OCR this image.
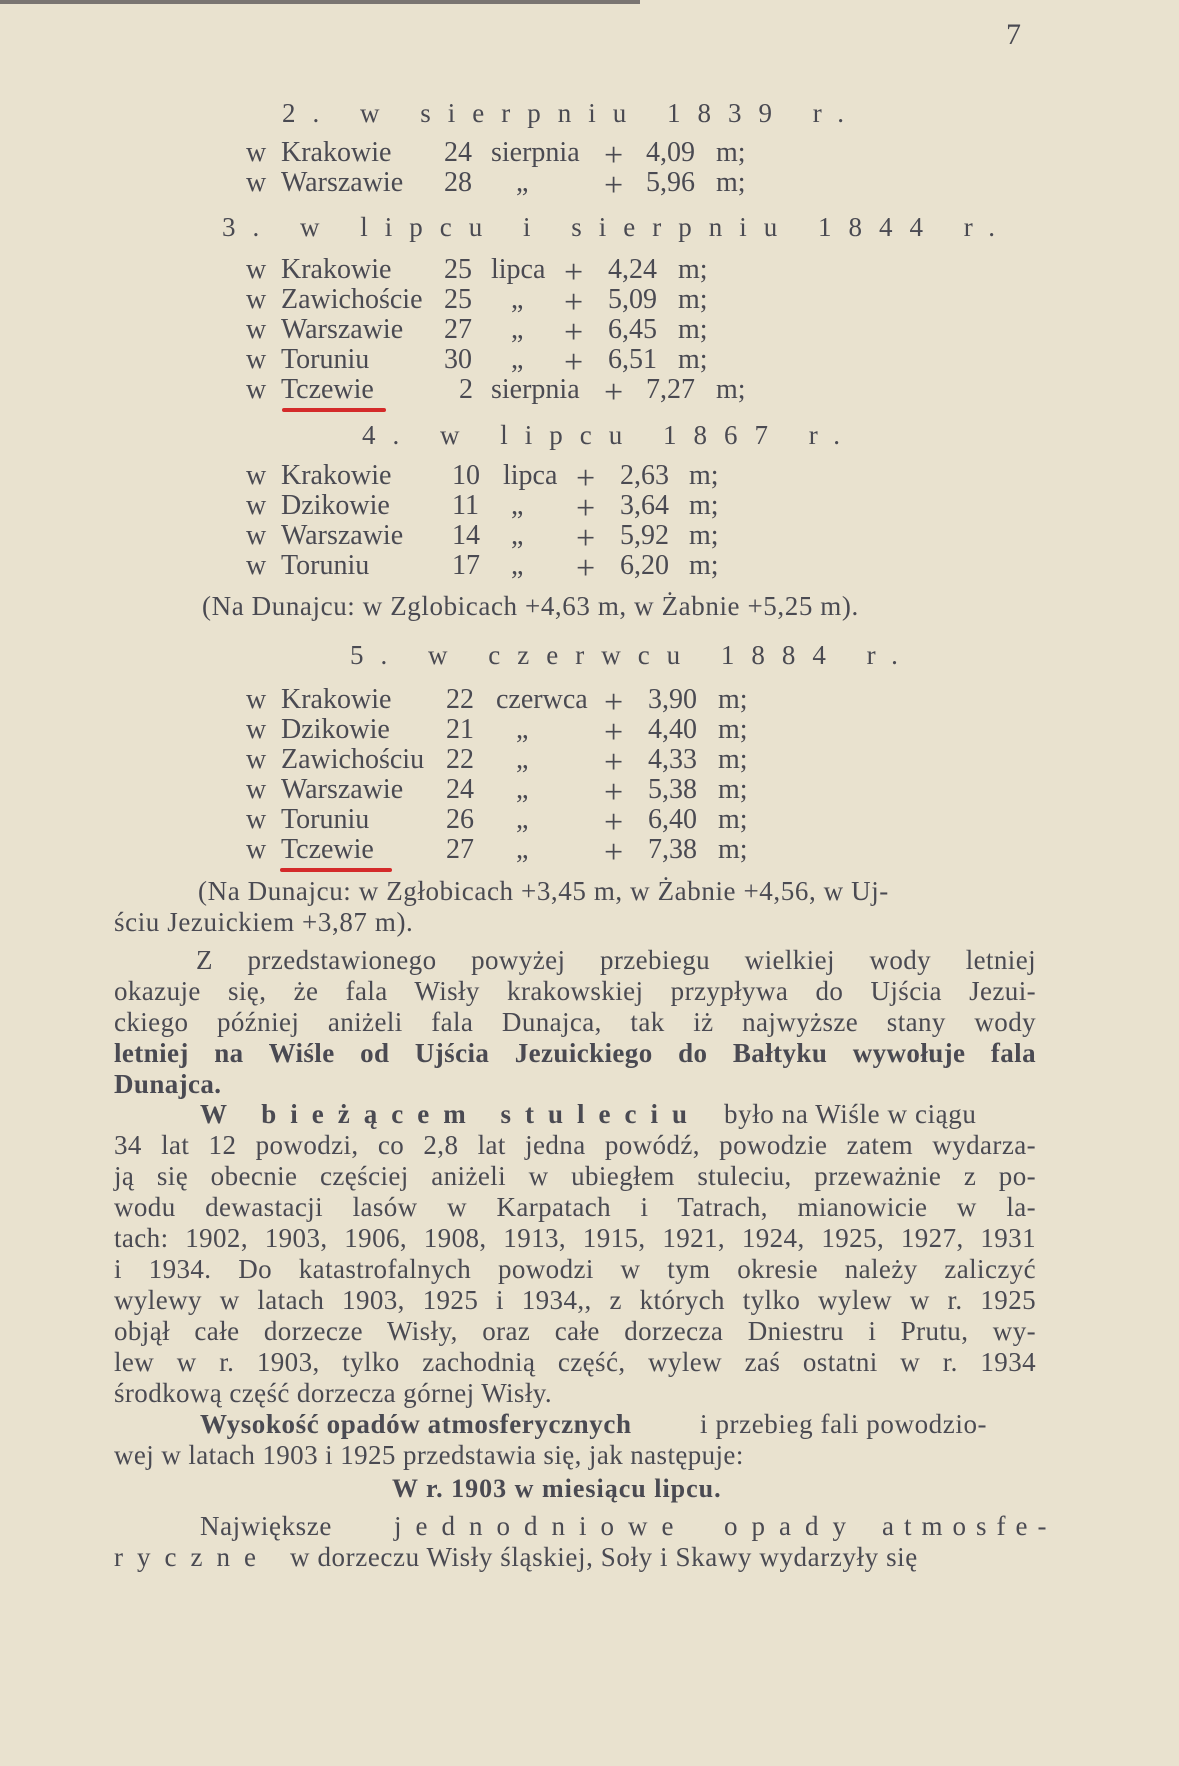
7
2. w sierpniu 1839 r.
w Krakowie 24 sierpnia + 4,09 m;
w Warszawie 28 „ + 5,96 m;
3. w lipcu i sierpniu 1844 r.
w Krakowie 25 lipca + 4,24 m;
w Zawichoście 25 „ + 5,09 m;
w Warszawie 27 „ + 6,45 m;
w Toruniu	30 „ + 6,51 m;
w Tczewie	2 sierpnia + 7,27 m;
4. w lipcu 1867 r.
w Krakowie 10 lipca + 2,63 m;
w Dzikowie 11 „ + 3,64 m;
w Warszawie 14 „ + 5,92 m;
w Toruniu	17 „ + 6,20 m;
(Na Dunajcu: w Zglobicach +4,63 m, w Żabnie +5,25 m).
5. w czerwcu 1884 r.
w Krakowie 22 czerwca + 3,90 m;
w Dzikowie 21 „ + 4,40 m;
w Zawichościu 22 „ + 4,33 m;
w Warszawie 24 „ + 5,38 m;
w Toruniu	26 „ + 6,40 m;
w Tczewie	27 „ + 7,38 m;
(Na Dunajcu: w Zgłobicach +3,45 m, w Żabnie +4,56, w Uj-
ściu Jezuickiem +3,87 m).
Z przedstawionego powyżej przebiegu wielkiej wody letniej
okazuje się, że fala Wisły krakowskiej przypływa do Ujścia Jezui-
ckiego później aniżeli fala Dunajca, tak iż najwyższe stany wody
letniej na Wiśle od Ujścia Jezuickiego do Bałtyku wywołuje fala
Dunajca.
W bieżącem stuleciu było na Wiśle w ciągu
34 lat 12 powodzi, co 2,8 lat jedna powódź, powodzie zatem wydarza-
ją się obecnie częściej aniżeli w ubiegłem stuleciu, przeważnie z po-
wodu dewastacji lasów w Karpatach i Tatrach, mianowicie w la-
tach: 1902, 1903, 1906, 1908, 1913, 1915, 1921, 1924, 1925, 1927, 1931
i 1934. Do katastrofalnych powodzi w tym okresie należy zaliczyć
wylewy w latach 1903, 1925 i 1934,, z których tylko wylew w r. 1925
objął całe dorzecze Wisły, oraz całe dorzecza Dniestru i Prutu, wy-
lew w r. 1903, tylko zachodnią część, wylew zaś ostatni w r. 1934
środkową część dorzecza górnej Wisły.
Wysokość opadów atmosferycznych	i przebieg fali powodzio-
wej w latach 1903 i 1925 przedstawia się, jak następuje:
W r. 1903 w miesiącu lipcu.
Największe jednodniowe opady atmosfe-
ryczne w dorzeczu Wisły śląskiej, Soły i Skawy wydarzyły się
